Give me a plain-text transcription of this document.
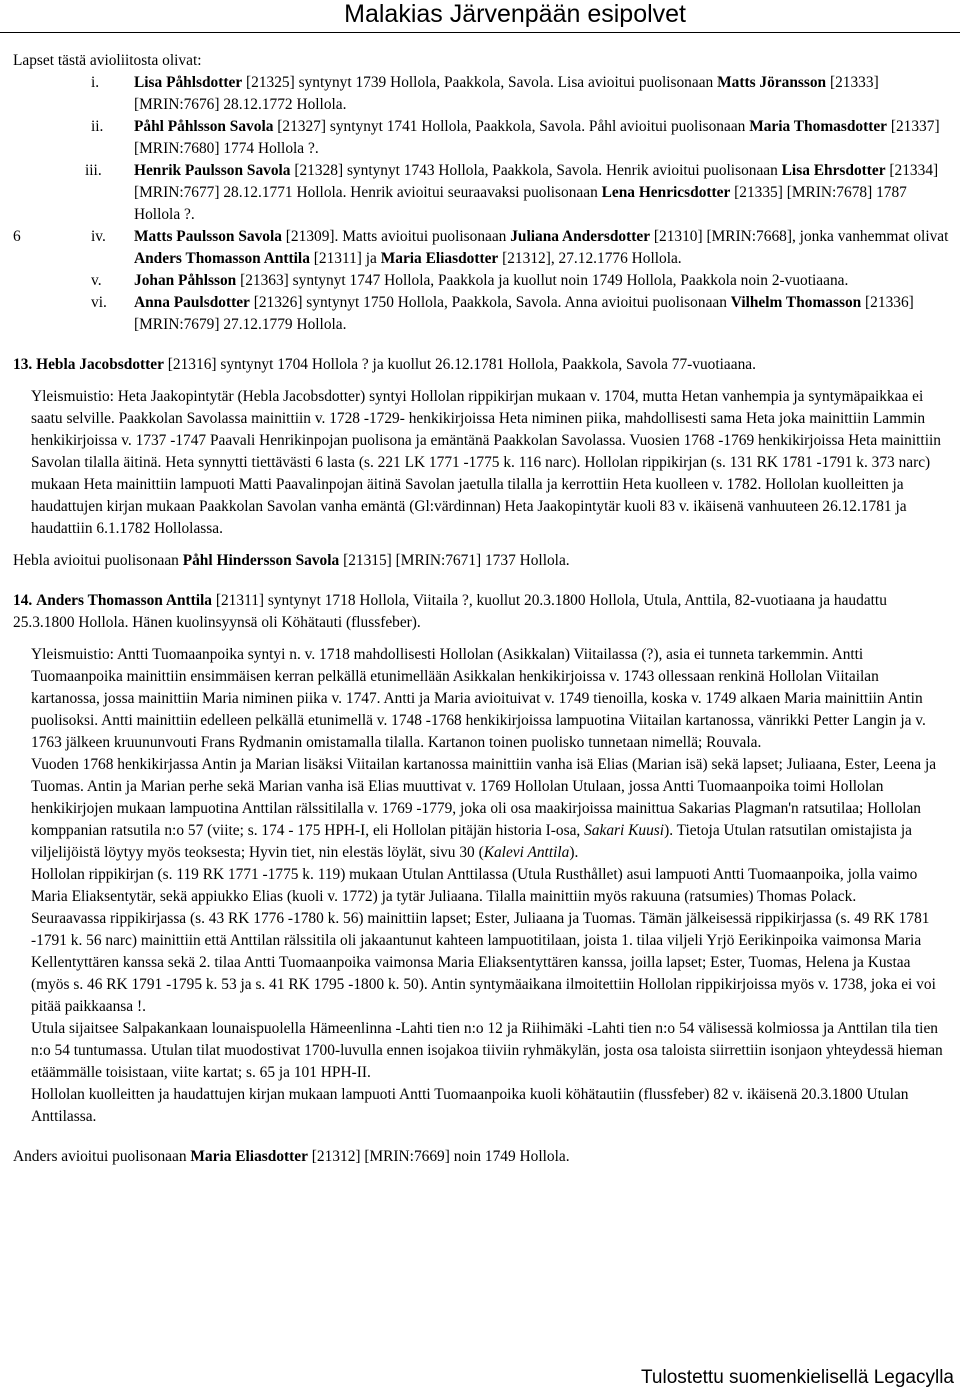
Malakias Järvenpään esipolvet

Lapset tästä avioliitosta olivat:

i.	Lisa Påhlsdotter [21325] syntynyt 1739 Hollola, Paakkola, Savola. Lisa avioitui puolisonaan Matts Jöransson [21333] [MRIN:7676] 28.12.1772 Hollola.
ii.	Påhl Påhlsson Savola [21327] syntynyt 1741 Hollola, Paakkola, Savola. Påhl avioitui puolisonaan Maria Thomasdotter [21337] [MRIN:7680] 1774 Hollola ?.
iii.	Henrik Paulsson Savola [21328] syntynyt 1743 Hollola, Paakkola, Savola. Henrik avioitui puolisonaan Lisa Ehrsdotter [21334] [MRIN:7677] 28.12.1771 Hollola. Henrik avioitui seuraavaksi puolisonaan Lena Henricsdotter [21335] [MRIN:7678] 1787 Hollola ?.
6	iv.	Matts Paulsson Savola [21309]. Matts avioitui puolisonaan Juliana Andersdotter [21310] [MRIN:7668], jonka vanhemmat olivat Anders Thomasson Anttila [21311] ja Maria Eliasdotter [21312], 27.12.1776 Hollola.
v.	Johan Påhlsson [21363] syntynyt 1747 Hollola, Paakkola ja kuollut noin 1749 Hollola, Paakkola noin 2-vuotiaana.
vi.	Anna Paulsdotter [21326] syntynyt 1750 Hollola, Paakkola, Savola. Anna avioitui puolisonaan Vilhelm Thomasson [21336] [MRIN:7679] 27.12.1779 Hollola.

13. Hebla Jacobsdotter [21316] syntynyt 1704 Hollola ? ja kuollut 26.12.1781 Hollola, Paakkola, Savola 77-vuotiaana.

Yleismuistio: Heta Jaakopintytär (Hebla Jacobsdotter) syntyi Hollolan rippikirjan mukaan v. 1704, mutta Hetan vanhempia ja syntymäpaikkaa ei saatu selville. Paakkolan Savolassa mainittiin v. 1728 -1729- henkikirjoissa Heta niminen piika, mahdollisesti sama Heta joka mainittiin Lammin henkikirjoissa v. 1737 -1747 Paavali Henrikinpojan puolisona ja emäntänä Paakkolan Savolassa. Vuosien 1768 -1769 henkikirjoissa Heta mainittiin Savolan tilalla äitinä. Heta synnytti tiettävästi 6 lasta (s. 221 LK 1771 -1775 k. 116 narc). Hollolan rippikirjan (s. 131 RK 1781 -1791 k. 373 narc) mukaan Heta mainittiin lampuoti Matti Paavalinpojan äitinä Savolan jaetulla tilalla ja kerrottiin Heta kuolleen v. 1782. Hollolan kuolleitten ja haudattujen kirjan mukaan Paakkolan Savolan vanha emäntä (Gl:värdinnan) Heta Jaakopintytär kuoli 83 v. ikäisenä vanhuuteen 26.12.1781 ja haudattiin 6.1.1782 Hollolassa.

Hebla avioitui puolisonaan Påhl Hindersson Savola [21315] [MRIN:7671] 1737 Hollola.

14. Anders Thomasson Anttila [21311] syntynyt 1718 Hollola, Viitaila ?, kuollut 20.3.1800 Hollola, Utula, Anttila, 82-vuotiaana ja haudattu 25.3.1800 Hollola. Hänen kuolinsyynsä oli Köhätauti (flussfeber).

Yleismuistio: Antti Tuomaanpoika syntyi n. v. 1718 mahdollisesti Hollolan (Asikkalan) Viitailassa (?), asia ei tunneta tarkemmin. Antti Tuomaanpoika mainittiin ensimmäisen kerran pelkällä etunimellään Asikkalan henkikirjoissa v. 1743 ollessaan renkinä Hollolan Viitailan kartanossa, jossa mainittiin Maria niminen piika v. 1747. Antti ja Maria avioituivat v. 1749 tienoilla, koska v. 1749 alkaen Maria mainittiin Antin puolisoksi. Antti mainittiin edelleen pelkällä etunimellä v. 1748 -1768 henkikirjoissa lampuotina Viitailan kartanossa, vänrikki Petter Langin ja v. 1763 jälkeen kruununvouti Frans Rydmanin omistamalla tilalla. Kartanon toinen puolisko tunnetaan nimellä; Rouvala.

Vuoden 1768 henkikirjassa Antin ja Marian lisäksi Viitailan kartanossa mainittiin vanha isä Elias (Marian isä) sekä lapset; Juliaana, Ester, Leena ja Tuomas. Antin ja Marian perhe sekä Marian vanha isä Elias muuttivat v. 1769 Hollolan Utulaan, jossa Antti Tuomaanpoika toimi Hollolan henkikirjojen mukaan lampuotina Anttilan rälssitilalla v. 1769 -1779, joka oli osa maakirjoissa mainittua Sakarias Plagman'n ratsutilaa; Hollolan komppanian ratsutila n:o 57 (viite; s. 174 - 175 HPH-I, eli Hollolan pitäjän historia I-osa, Sakari Kuusi). Tietoja Utulan ratsutilan omistajista ja viljelijöistä löytyy myös teoksesta; Hyvin tiet, nin elestäs löylät, sivu 30 (Kalevi Anttila).

Hollolan rippikirjan (s. 119 RK 1771 -1775 k. 119) mukaan Utulan Anttilassa (Utula Rusthållet) asui lampuoti Antti Tuomaanpoika, jolla vaimo Maria Eliaksentytär, sekä appiukko Elias (kuoli v. 1772) ja tytär Juliaana. Tilalla mainittiin myös rakuuna (ratsumies) Thomas Polack.

Seuraavassa rippikirjassa (s. 43 RK 1776 -1780 k. 56) mainittiin lapset; Ester, Juliaana ja Tuomas. Tämän jälkeisessä rippikirjassa (s. 49 RK 1781 -1791 k. 56 narc) mainittiin että Anttilan rälssitila oli jakaantunut kahteen lampuotitilaan, joista 1. tilaa viljeli Yrjö Eerikinpoika vaimonsa Maria Kellentyttären kanssa sekä 2. tilaa Antti Tuomaanpoika vaimonsa Maria Eliaksentyttären kanssa, joilla lapset; Ester, Tuomas, Helena ja Kustaa (myös s. 46 RK 1791 -1795 k. 53 ja s. 41 RK 1795 -1800 k. 50). Antin syntymäaikana ilmoitettiin Hollolan rippikirjoissa myös v. 1738, joka ei voi pitää paikkaansa !.

Utula sijaitsee Salpakankaan lounaispuolella Hämeenlinna -Lahti tien n:o 12 ja Riihimäki -Lahti tien n:o 54 välisessä kolmiossa ja Anttilan tila tien n:o 54 tuntumassa. Utulan tilat muodostivat 1700-luvulla ennen isojakoa tiiviin ryhmäkylän, josta osa taloista siirrettiin isonjaon yhteydessä hieman etäämmälle toisistaan, viite kartat; s. 65 ja 101 HPH-II.

Hollolan kuolleitten ja haudattujen kirjan mukaan lampuoti Antti Tuomaanpoika kuoli köhätautiin (flussfeber) 82 v. ikäisenä 20.3.1800 Utulan Anttilassa.

Anders avioitui puolisonaan Maria Eliasdotter [21312] [MRIN:7669] noin 1749 Hollola.

Tulostettu suomenkielisellä Legacylla
